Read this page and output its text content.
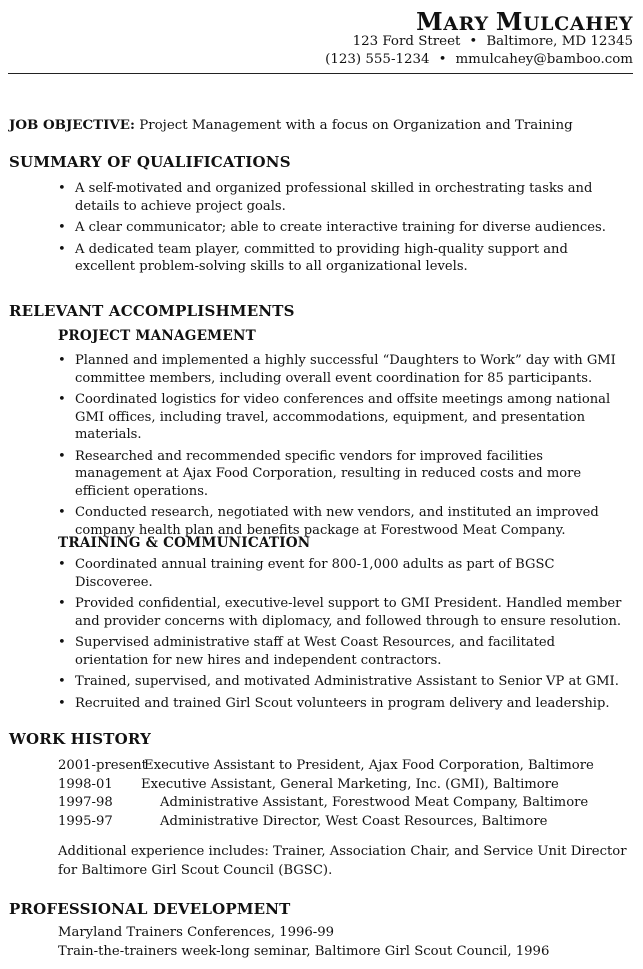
MARY MULCAHEY
123 Ford Street • Baltimore, MD 12345
(123) 555-1234 • mmulcahey@bamboo.com
JOB OBJECTIVE: Project Management with a focus on Organization and Training
SUMMARY OF QUALIFICATIONS
• A self-motivated and organized professional skilled in orchestrating tasks and details to achieve project goals.
• A clear communicator; able to create interactive training for diverse audiences.
• A dedicated team player, committed to providing high-quality support and excellent problem-solving skills to all organizational levels.
RELEVANT ACCOMPLISHMENTS
PROJECT MANAGEMENT
• Planned and implemented a highly successful “Daughters to Work” day with GMI committee members, including overall event coordination for 85 participants.
• Coordinated logistics for video conferences and offsite meetings among national GMI offices, including travel, accommodations, equipment, and presentation materials.
• Researched and recommended specific vendors for improved facilities management at Ajax Food Corporation, resulting in reduced costs and more efficient operations.
• Conducted research, negotiated with new vendors, and instituted an improved company health plan and benefits package at Forestwood Meat Company.
TRAINING & COMMUNICATION
• Coordinated annual training event for 800-1,000 adults as part of BGSC Discoveree.
• Provided confidential, executive-level support to GMI President. Handled member and provider concerns with diplomacy, and followed through to ensure resolution.
• Supervised administrative staff at West Coast Resources, and facilitated orientation for new hires and independent contractors.
• Trained, supervised, and motivated Administrative Assistant to Senior VP at GMI.
• Recruited and trained Girl Scout volunteers in program delivery and leadership.
WORK HISTORY
2001-present
Executive Assistant to President, Ajax Food Corporation, Baltimore
1998-01 Executive Assistant, General Marketing, Inc. (GMI), Baltimore
1997-98	Administrative Assistant, Forestwood Meat Company, Baltimore
1995-97	Administrative Director, West Coast Resources, Baltimore
Additional experience includes: Trainer, Association Chair, and Service Unit Director for Baltimore Girl Scout Council (BGSC).
PROFESSIONAL DEVELOPMENT
Maryland Trainers Conferences, 1996-99
Train-the-trainers week-long seminar, Baltimore Girl Scout Council, 1996
